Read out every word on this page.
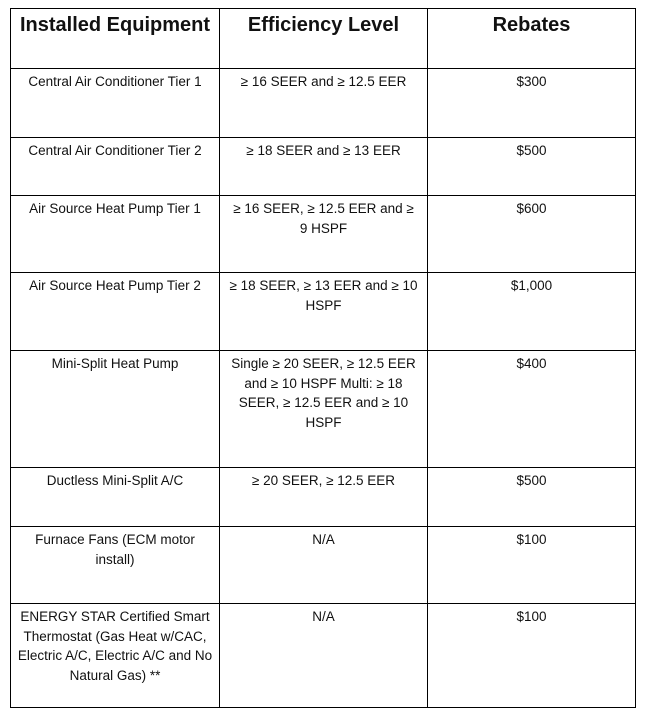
Installed Equipment	Efficiency Level	Rebates
Central Air Conditioner Tier 1	≥ 16 SEER and ≥ 12.5 EER	$300
Central Air Conditioner Tier 2	≥ 18 SEER and ≥ 13 EER	$500
Air Source Heat Pump Tier 1	≥ 16 SEER, ≥ 12.5 EER and ≥ 9 HSPF	$600
Air Source Heat Pump Tier 2	≥ 18 SEER, ≥ 13 EER and ≥ 10 HSPF	$1,000
Mini-Split Heat Pump	Single ≥ 20 SEER, ≥ 12.5 EER and ≥ 10 HSPF Multi: ≥ 18 SEER, ≥ 12.5 EER and ≥ 10 HSPF	$400
Ductless Mini-Split A/C	≥ 20 SEER, ≥ 12.5 EER	$500
Furnace Fans (ECM motor install)	N/A	$100
ENERGY STAR Certified Smart Thermostat (Gas Heat w/CAC, Electric A/C, Electric A/C and No Natural Gas) **	N/A	$100
